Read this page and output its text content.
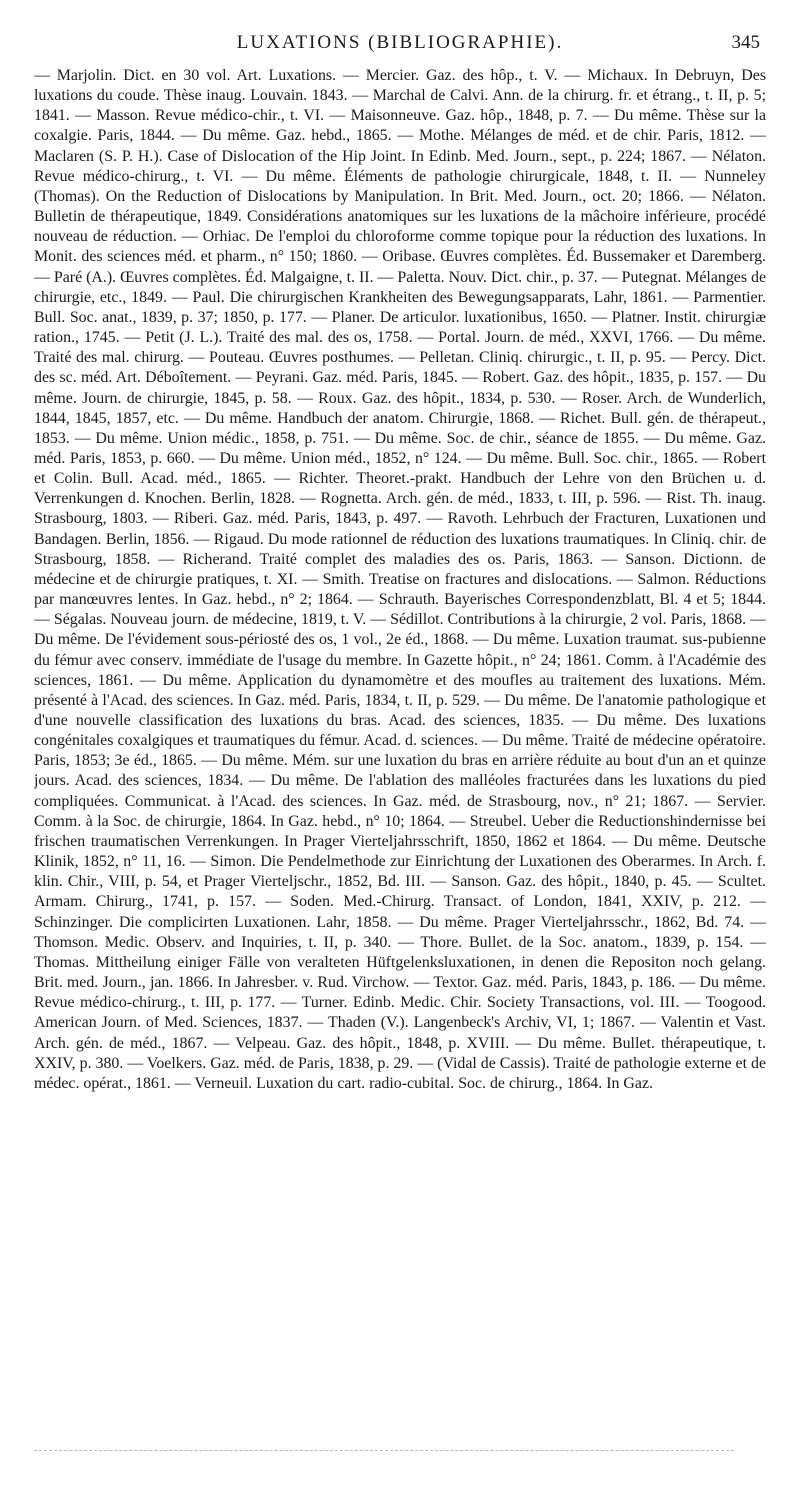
LUXATIONS (BIBLIOGRAPHIE).	345

— Marjolin. Dict. en 30 vol. Art. Luxations. — Mercier. Gaz. des hôp., t. V. — Michaux. In Debruyn, Des luxations du coude. Thèse inaug. Louvain. 1843. — Marchal de Calvi. Ann. de la chirurg. fr. et étrang., t. II, p. 5; 1841. — Masson. Revue médico-chir., t. VI. — Maisonneuve. Gaz. hôp., 1848, p. 7. — Du même. Thèse sur la coxalgie. Paris, 1844. — Du même. Gaz. hebd., 1865. — Mothe. Mélanges de méd. et de chir. Paris, 1812. — Maclaren (S. P. H.). Case of Dislocation of the Hip Joint. In Edinb. Med. Journ., sept., p. 224; 1867. — Nélaton. Revue médico-chirurg., t. VI. — Du même. Éléments de pathologie chirurgicale, 1848, t. II. — Nunneley (Thomas). On the Reduction of Dislocations by Manipulation. In Brit. Med. Journ., oct. 20; 1866. — Nélaton. Bulletin de thérapeutique, 1849. Considérations anatomiques sur les luxations de la mâchoire inférieure, procédé nouveau de réduction. — Orhiac. De l'emploi du chloroforme comme topique pour la réduction des luxations. In Monit. des sciences méd. et pharm., n° 150; 1860. — Oribase. Œuvres complètes. Éd. Bussemaker et Daremberg. — Paré (A.). Œuvres complètes. Éd. Malgaigne, t. II. — Paletta. Nouv. Dict. chir., p. 37. — Putegnat. Mélanges de chirurgie, etc., 1849. — Paul. Die chirurgischen Krankheiten des Bewegungsapparats, Lahr, 1861. — Parmentier. Bull. Soc. anat., 1839, p. 37; 1850, p. 177. — Planer. De articulor. luxationibus, 1650. — Platner. Instit. chirurgiæ ration., 1745. — Petit (J. L.). Traité des mal. des os, 1758. — Portal. Journ. de méd., XXVI, 1766. — Du même. Traité des mal. chirurg. — Pouteau. Œuvres posthumes. — Pelletan. Cliniq. chirurgic., t. II, p. 95. — Percy. Dict. des sc. méd. Art. Déboîtement. — Peyrani. Gaz. méd. Paris, 1845. — Robert. Gaz. des hôpit., 1835, p. 157. — Du même. Journ. de chirurgie, 1845, p. 58. — Roux. Gaz. des hôpit., 1834, p. 530. — Roser. Arch. de Wunderlich, 1844, 1845, 1857, etc. — Du même. Handbuch der anatom. Chirurgie, 1868. — Richet. Bull. gén. de thérapeut., 1853. — Du même. Union médic., 1858, p. 751. — Du même. Soc. de chir., séance de 1855. — Du même. Gaz. méd. Paris, 1853, p. 660. — Du même. Union méd., 1852, n° 124. — Du même. Bull. Soc. chir., 1865. — Robert et Colin. Bull. Acad. méd., 1865. — Richter. Theoret.-prakt. Handbuch der Lehre von den Brüchen u. d. Verrenkungen d. Knochen. Berlin, 1828. — Rognetta. Arch. gén. de méd., 1833, t. III, p. 596. — Rist. Th. inaug. Strasbourg, 1803. — Riberi. Gaz. méd. Paris, 1843, p. 497. — Ravoth. Lehrbuch der Fracturen, Luxationen und Bandagen. Berlin, 1856. — Rigaud. Du mode rationnel de réduction des luxations traumatiques. In Cliniq. chir. de Strasbourg, 1858. — Richerand. Traité complet des maladies des os. Paris, 1863. — Sanson. Dictionn. de médecine et de chirurgie pratiques, t. XI. — Smith. Treatise on fractures and dislocations. — Salmon. Réductions par manœuvres lentes. In Gaz. hebd., n° 2; 1864. — Schrauth. Bayerisches Correspondenzblatt, Bl. 4 et 5; 1844. — Ségalas. Nouveau journ. de médecine, 1819, t. V. — Sédillot. Contributions à la chirurgie, 2 vol. Paris, 1868. — Du même. De l'évidement sous-périosté des os, 1 vol., 2e éd., 1868. — Du même. Luxation traumat. sus-pubienne du fémur avec conserv. immédiate de l'usage du membre. In Gazette hôpit., n° 24; 1861. Comm. à l'Académie des sciences, 1861. — Du même. Application du dynamomètre et des moufles au traitement des luxations. Mém. présenté à l'Acad. des sciences. In Gaz. méd. Paris, 1834, t. II, p. 529. — Du même. De l'anatomie pathologique et d'une nouvelle classification des luxations du bras. Acad. des sciences, 1835. — Du même. Des luxations congénitales coxalgiques et traumatiques du fémur. Acad. d. sciences. — Du même. Traité de médecine opératoire. Paris, 1853; 3e éd., 1865. — Du même. Mém. sur une luxation du bras en arrière réduite au bout d'un an et quinze jours. Acad. des sciences, 1834. — Du même. De l'ablation des malléoles fracturées dans les luxations du pied compliquées. Communicat. à l'Acad. des sciences. In Gaz. méd. de Strasbourg, nov., n° 21; 1867. — Servier. Comm. à la Soc. de chirurgie, 1864. In Gaz. hebd., n° 10; 1864. — Streubel. Ueber die Reductionshindernisse bei frischen traumatischen Verrenkungen. In Prager Vierteljahrsschrift, 1850, 1862 et 1864. — Du même. Deutsche Klinik, 1852, n° 11, 16. — Simon. Die Pendelmethode zur Einrichtung der Luxationen des Oberarmes. In Arch. f. klin. Chir., VIII, p. 54, et Prager Vierteljschr., 1852, Bd. III. — Sanson. Gaz. des hôpit., 1840, p. 45. — Scultet. Armam. Chirurg., 1741, p. 157. — Soden. Med.-Chirurg. Transact. of London, 1841, XXIV, p. 212. — Schinzinger. Die complicirten Luxationen. Lahr, 1858. — Du même. Prager Vierteljahrsschr., 1862, Bd. 74. — Thomson. Medic. Observ. and Inquiries, t. II, p. 340. — Thore. Bullet. de la Soc. anatom., 1839, p. 154. — Thomas. Mittheilung einiger Fälle von veralteten Hüftgelenksluxationen, in denen die Repositon noch gelang. Brit. med. Journ., jan. 1866. In Jahresber. v. Rud. Virchow. — Textor. Gaz. méd. Paris, 1843, p. 186. — Du même. Revue médico-chirurg., t. III, p. 177. — Turner. Edinb. Medic. Chir. Society Transactions, vol. III. — Toogood. American Journ. of Med. Sciences, 1837. — Thaden (V.). Langenbeck's Archiv, VI, 1; 1867. — Valentin et Vast. Arch. gén. de méd., 1867. — Velpeau. Gaz. des hôpit., 1848, p. XVIII. — Du même. Bullet. thérapeutique, t. XXIV, p. 380. — Voelkers. Gaz. méd. de Paris, 1838, p. 29. — (Vidal de Cassis). Traité de pathologie externe et de médec. opérat., 1861. — Verneuil. Luxation du cart. radio-cubital. Soc. de chirurg., 1864. In Gaz.
